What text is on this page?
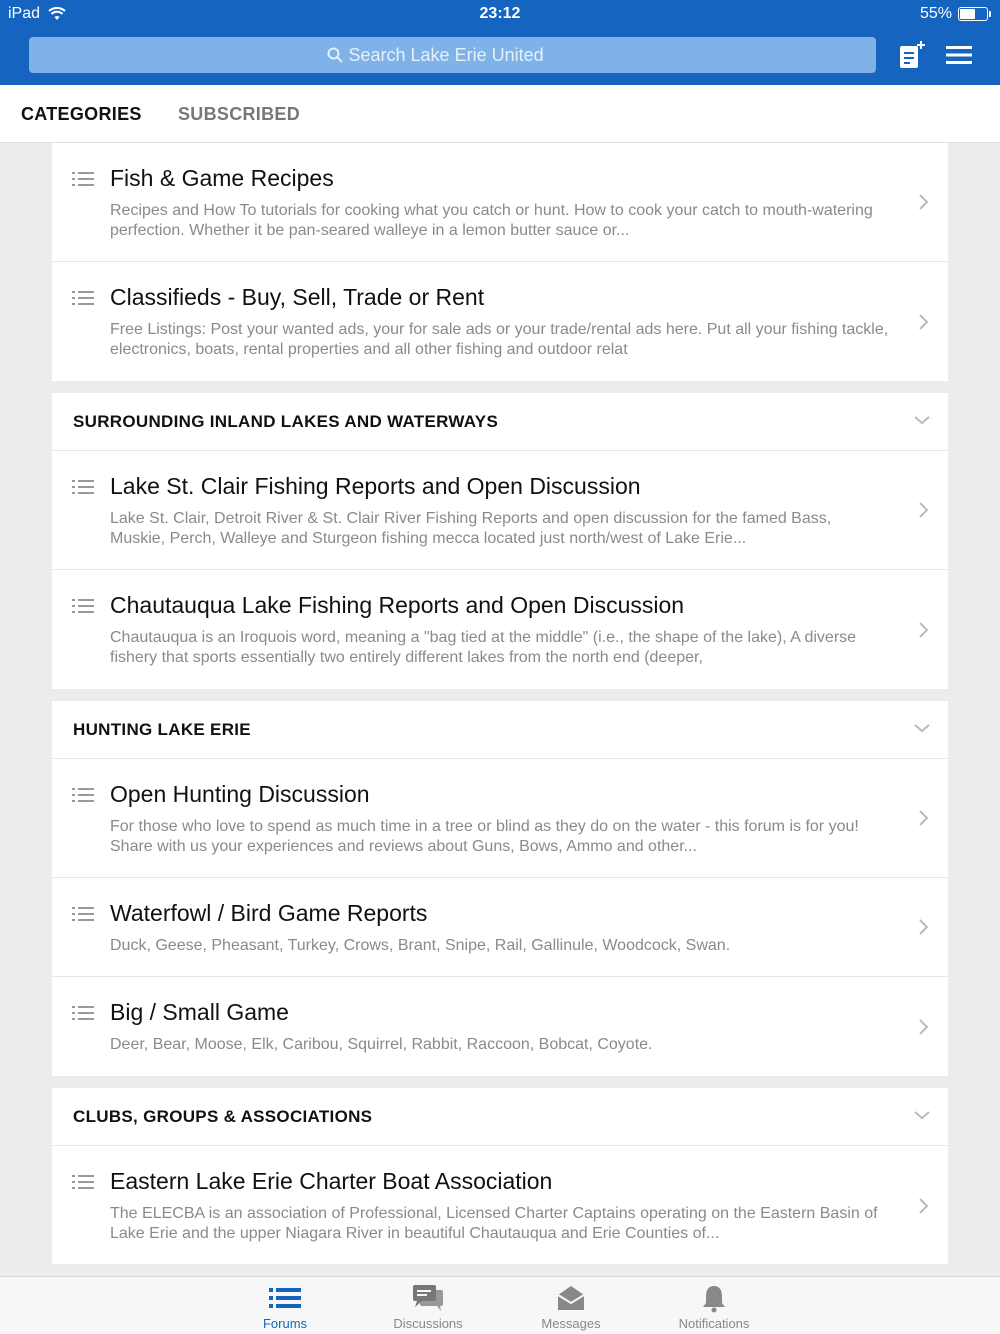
iPad	23:12	55%
Search Lake Erie United
CATEGORIES SUBSCRIBED
Fish & Game Recipes
Recipes and How To tutorials for cooking what you catch or hunt. How to cook your catch to mouth-watering perfection. Whether it be pan-seared walleye in a lemon butter sauce or...
Classifieds - Buy, Sell, Trade or Rent
Free Listings: Post your wanted ads, your for sale ads or your trade/rental ads here. Put all your fishing tackle, electronics, boats, rental properties and all other fishing and outdoor relat
SURROUNDING INLAND LAKES AND WATERWAYS
Lake St. Clair Fishing Reports and Open Discussion
Lake St. Clair, Detroit River & St. Clair River Fishing Reports and open discussion for the famed Bass, Muskie, Perch, Walleye and Sturgeon fishing mecca located just north/west of Lake Erie...
Chautauqua Lake Fishing Reports and Open Discussion
Chautauqua is an Iroquois word, meaning a "bag tied at the middle" (i.e., the shape of the lake), A diverse fishery that sports essentially two entirely different lakes from the north end (deeper,
HUNTING LAKE ERIE
Open Hunting Discussion
For those who love to spend as much time in a tree or blind as they do on the water - this forum is for you! Share with us your experiences and reviews about Guns, Bows, Ammo and other...
Waterfowl / Bird Game Reports
Duck, Geese, Pheasant, Turkey, Crows, Brant, Snipe, Rail, Gallinule, Woodcock, Swan.
Big / Small Game
Deer, Bear, Moose, Elk, Caribou, Squirrel, Rabbit, Raccoon, Bobcat, Coyote.
CLUBS, GROUPS & ASSOCIATIONS
Eastern Lake Erie Charter Boat Association
The ELECBA is an association of Professional, Licensed Charter Captains operating on the Eastern Basin of Lake Erie and the upper Niagara River in beautiful Chautauqua and Erie Counties of...
Forums	Discussions	Messages	Notifications
